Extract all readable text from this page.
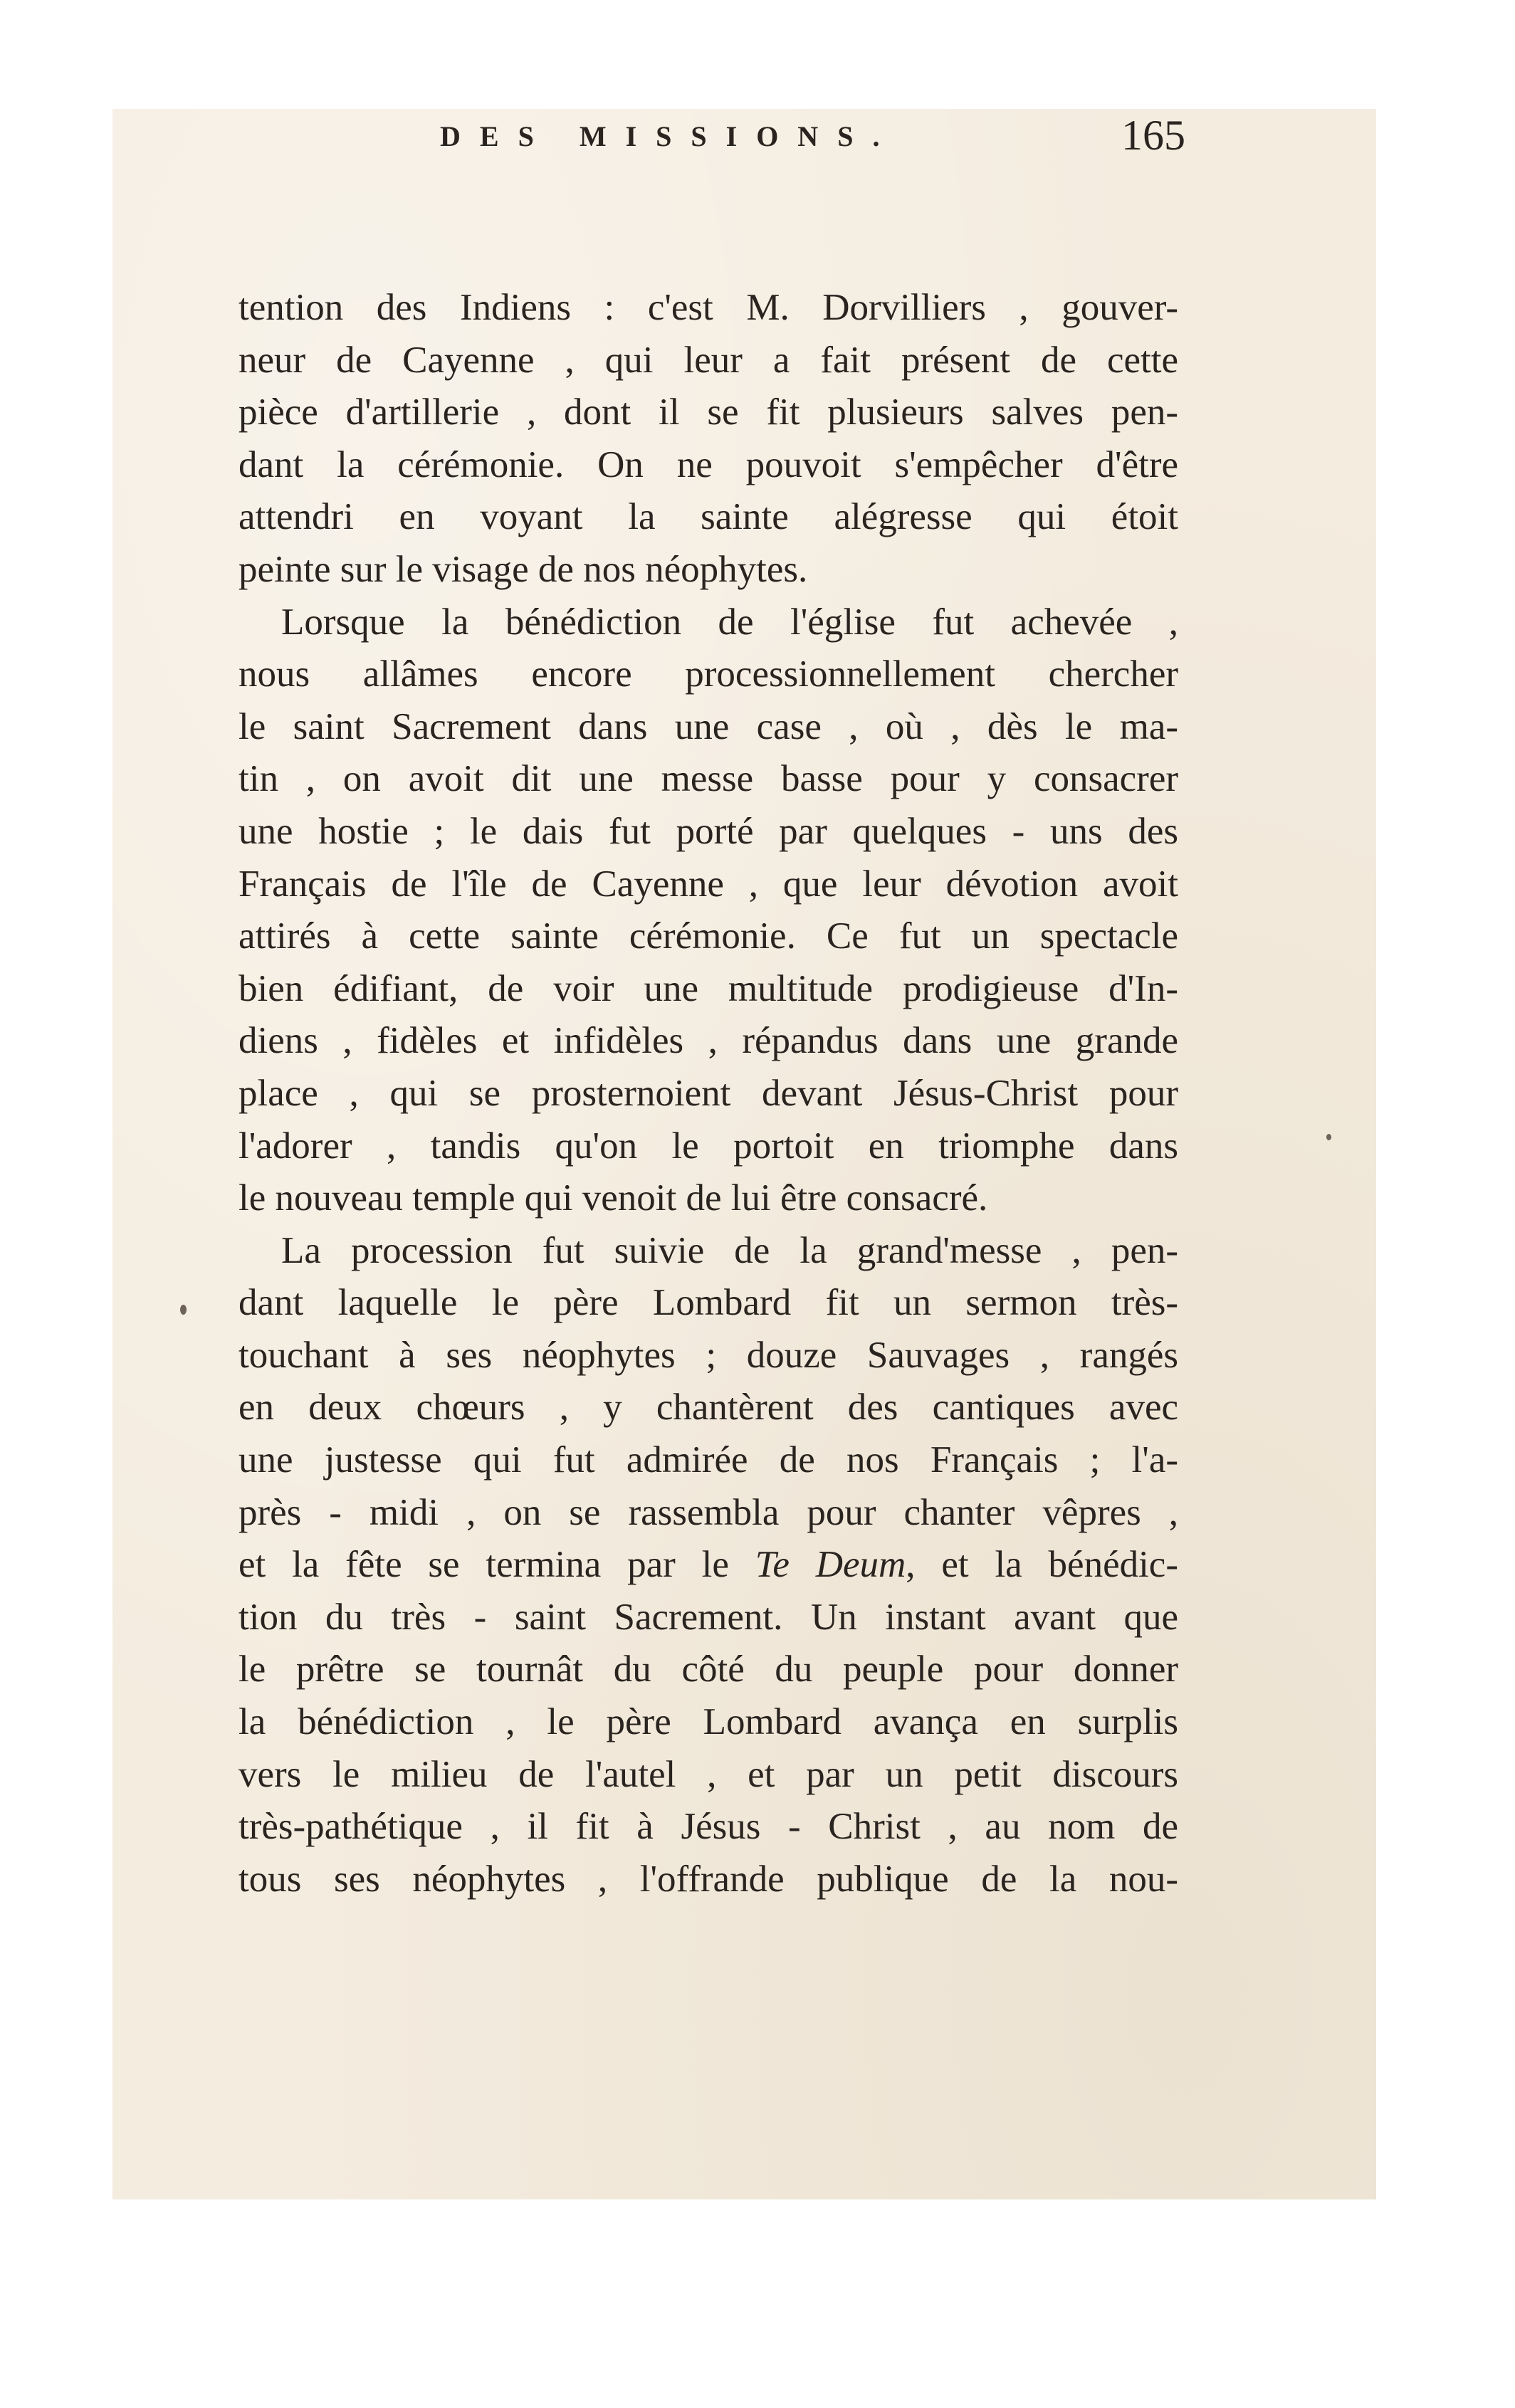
DES MISSIONS.	165
tention des Indiens : c'est M. Dorvilliers , gouver-
neur de Cayenne , qui leur a fait présent de cette
pièce d'artillerie , dont il se fit plusieurs salves pen-
dant la cérémonie. On ne pouvoit s'empêcher d'être
attendri en voyant la sainte alégresse qui étoit
peinte sur le visage de nos néophytes.
Lorsque la bénédiction de l'église fut achevée ,
nous allâmes encore processionnellement chercher
le saint Sacrement dans une case , où , dès le ma-
tin , on avoit dit une messe basse pour y consacrer
une hostie ; le dais fut porté par quelques - uns des
Français de l'île de Cayenne , que leur dévotion avoit
attirés à cette sainte cérémonie. Ce fut un spectacle
bien édifiant, de voir une multitude prodigieuse d'In-
diens , fidèles et infidèles , répandus dans une grande
place , qui se prosternoient devant Jésus-Christ pour
l'adorer , tandis qu'on le portoit en triomphe dans
le nouveau temple qui venoit de lui être consacré.
La procession fut suivie de la grand'messe , pen-
dant laquelle le père Lombard fit un sermon très-
touchant à ses néophytes ; douze Sauvages , rangés
en deux chœurs , y chantèrent des cantiques avec
une justesse qui fut admirée de nos Français ; l'a-
près - midi , on se rassembla pour chanter vêpres ,
et la fête se termina par le Te Deum, et la bénédic-
tion du très - saint Sacrement. Un instant avant que
le prêtre se tournât du côté du peuple pour donner
la bénédiction , le père Lombard avança en surplis
vers le milieu de l'autel , et par un petit discours
très-pathétique , il fit à Jésus - Christ , au nom de
tous ses néophytes , l'offrande publique de la nou-
